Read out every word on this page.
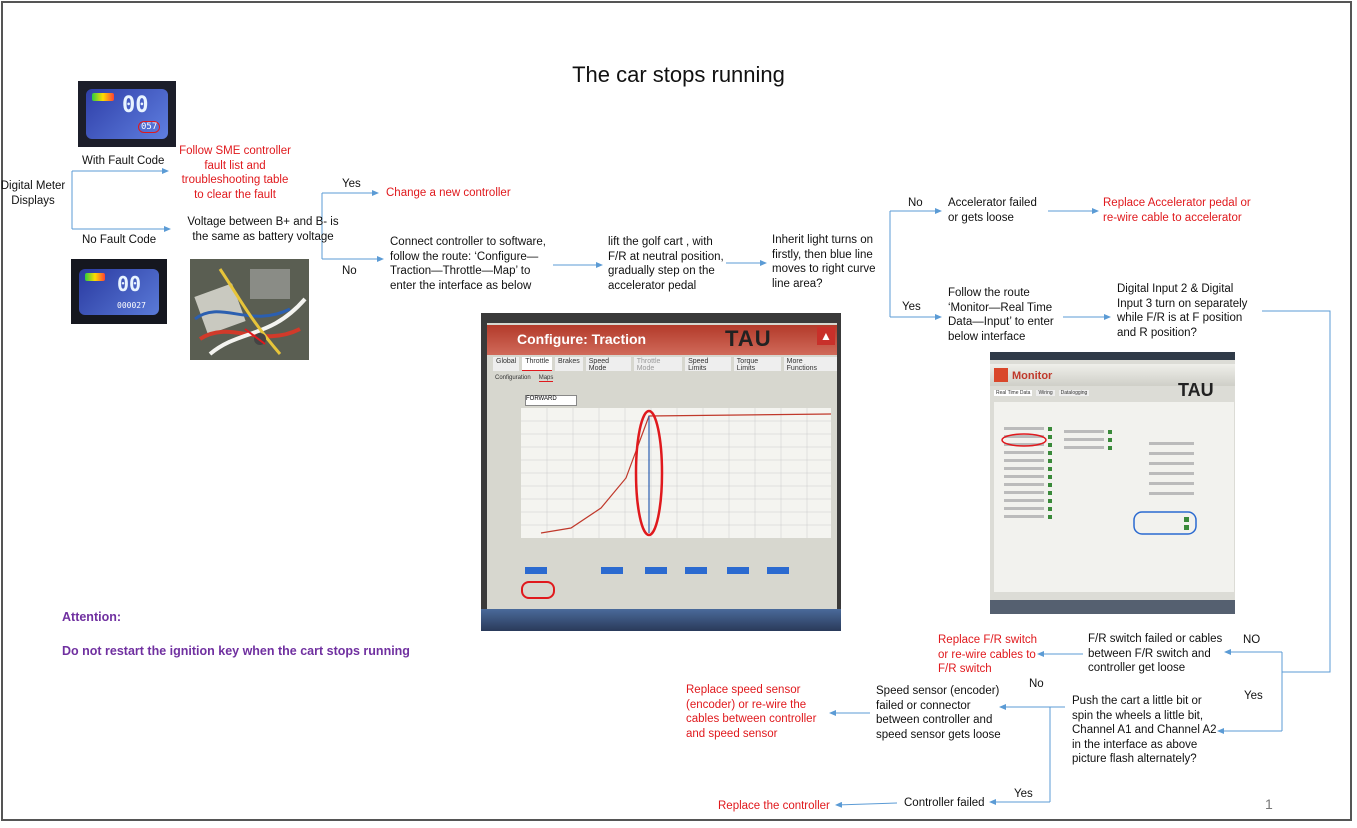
The car stops running
00
057
00
000027
Configure: Traction	TAU	▲
Global	Throttle	Brakes	Speed Mode
Throttle Mode
Speed Limits
Torque Limits
More Functions
Configuration Maps
FORWARD
Monitor
TAU
Real Time Data	Wiring	Datalogging
Digital Meter
Displays
With Fault Code
No Fault Code
Follow SME controller
fault list and
troubleshooting table
to clear the fault
Voltage between B+ and B- is
the same as battery voltage
Yes
No
Change a new controller
Connect controller to software,
follow the route: ‘Configure—
Traction—Throttle—Map’ to
enter the interface as below
lift the golf cart , with
F/R at neutral position,
gradually step on the
accelerator pedal
Inherit light turns on
firstly, then blue line
moves to right curve
line area?
No
Yes
Accelerator failed
or gets loose
Replace Accelerator pedal or
re-wire cable to accelerator
Follow the route
‘Monitor—Real Time
Data—Input’ to enter
below interface
Digital Input 2 & Digital
Input 3 turn on separately
while F/R is at F position
and R position?
NO
F/R switch failed or cables
between F/R switch and
controller get loose
Replace F/R switch
or re-wire cables to
F/R switch
Yes
Push the cart a little bit or
spin the wheels a little bit,
Channel A1 and Channel A2
in the interface as above
picture flash alternately?
No
Speed sensor (encoder)
failed or connector
between controller and
speed sensor gets loose
Replace speed sensor
(encoder) or re-wire the
cables between controller
and speed sensor
Yes
Controller failed
Replace the controller

Attention:

Do not restart the ignition key when the cart stops running

1
